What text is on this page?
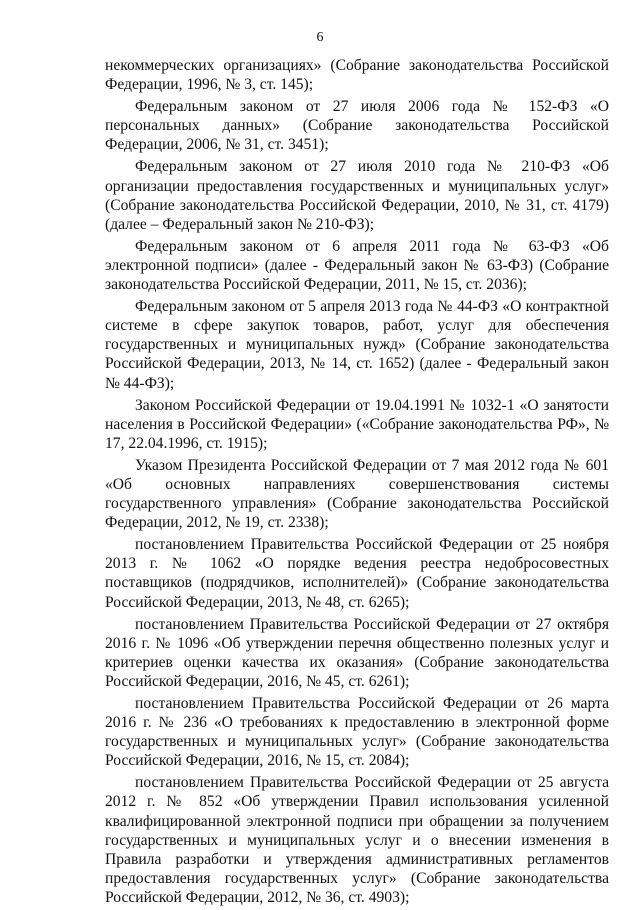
6

некоммерческих организациях» (Собрание законодательства Российской Федерации, 1996, № 3, ст. 145);

Федеральным законом от 27 июля 2006 года № 152-ФЗ «О персональных данных» (Собрание законодательства Российской Федерации, 2006, № 31, ст. 3451);

Федеральным законом от 27 июля 2010 года № 210-ФЗ «Об организации предоставления государственных и муниципальных услуг» (Собрание законодательства Российской Федерации, 2010, № 31, ст. 4179) (далее – Федеральный закон № 210-ФЗ);

Федеральным законом от 6 апреля 2011 года № 63-ФЗ «Об электронной подписи» (далее - Федеральный закон № 63-ФЗ) (Собрание законодательства Российской Федерации, 2011, № 15, ст. 2036);

Федеральным законом от 5 апреля 2013 года № 44-ФЗ «О контрактной системе в сфере закупок товаров, работ, услуг для обеспечения государственных и муниципальных нужд» (Собрание законодательства Российской Федерации, 2013, № 14, ст. 1652) (далее - Федеральный закон № 44-ФЗ);

Законом Российской Федерации от 19.04.1991 № 1032-1 «О занятости населения в Российской Федерации» («Собрание законодательства РФ», № 17, 22.04.1996, ст. 1915);

Указом Президента Российской Федерации от 7 мая 2012 года № 601 «Об основных направлениях совершенствования системы государственного управления» (Собрание законодательства Российской Федерации, 2012, № 19, ст. 2338);

постановлением Правительства Российской Федерации от 25 ноября 2013 г. № 1062 «О порядке ведения реестра недобросовестных поставщиков (подрядчиков, исполнителей)» (Собрание законодательства Российской Федерации, 2013, № 48, ст. 6265);

постановлением Правительства Российской Федерации от 27 октября 2016 г. № 1096 «Об утверждении перечня общественно полезных услуг и критериев оценки качества их оказания» (Собрание законодательства Российской Федерации, 2016, № 45, ст. 6261);

постановлением Правительства Российской Федерации от 26 марта 2016 г. № 236 «О требованиях к предоставлению в электронной форме государственных и муниципальных услуг» (Собрание законодательства Российской Федерации, 2016, № 15, ст. 2084);

постановлением Правительства Российской Федерации от 25 августа 2012 г. № 852 «Об утверждении Правил использования усиленной квалифицированной электронной подписи при обращении за получением государственных и муниципальных услуг и о внесении изменения в Правила разработки и утверждения административных регламентов предоставления государственных услуг» (Собрание законодательства Российской Федерации, 2012, № 36, ст. 4903);
